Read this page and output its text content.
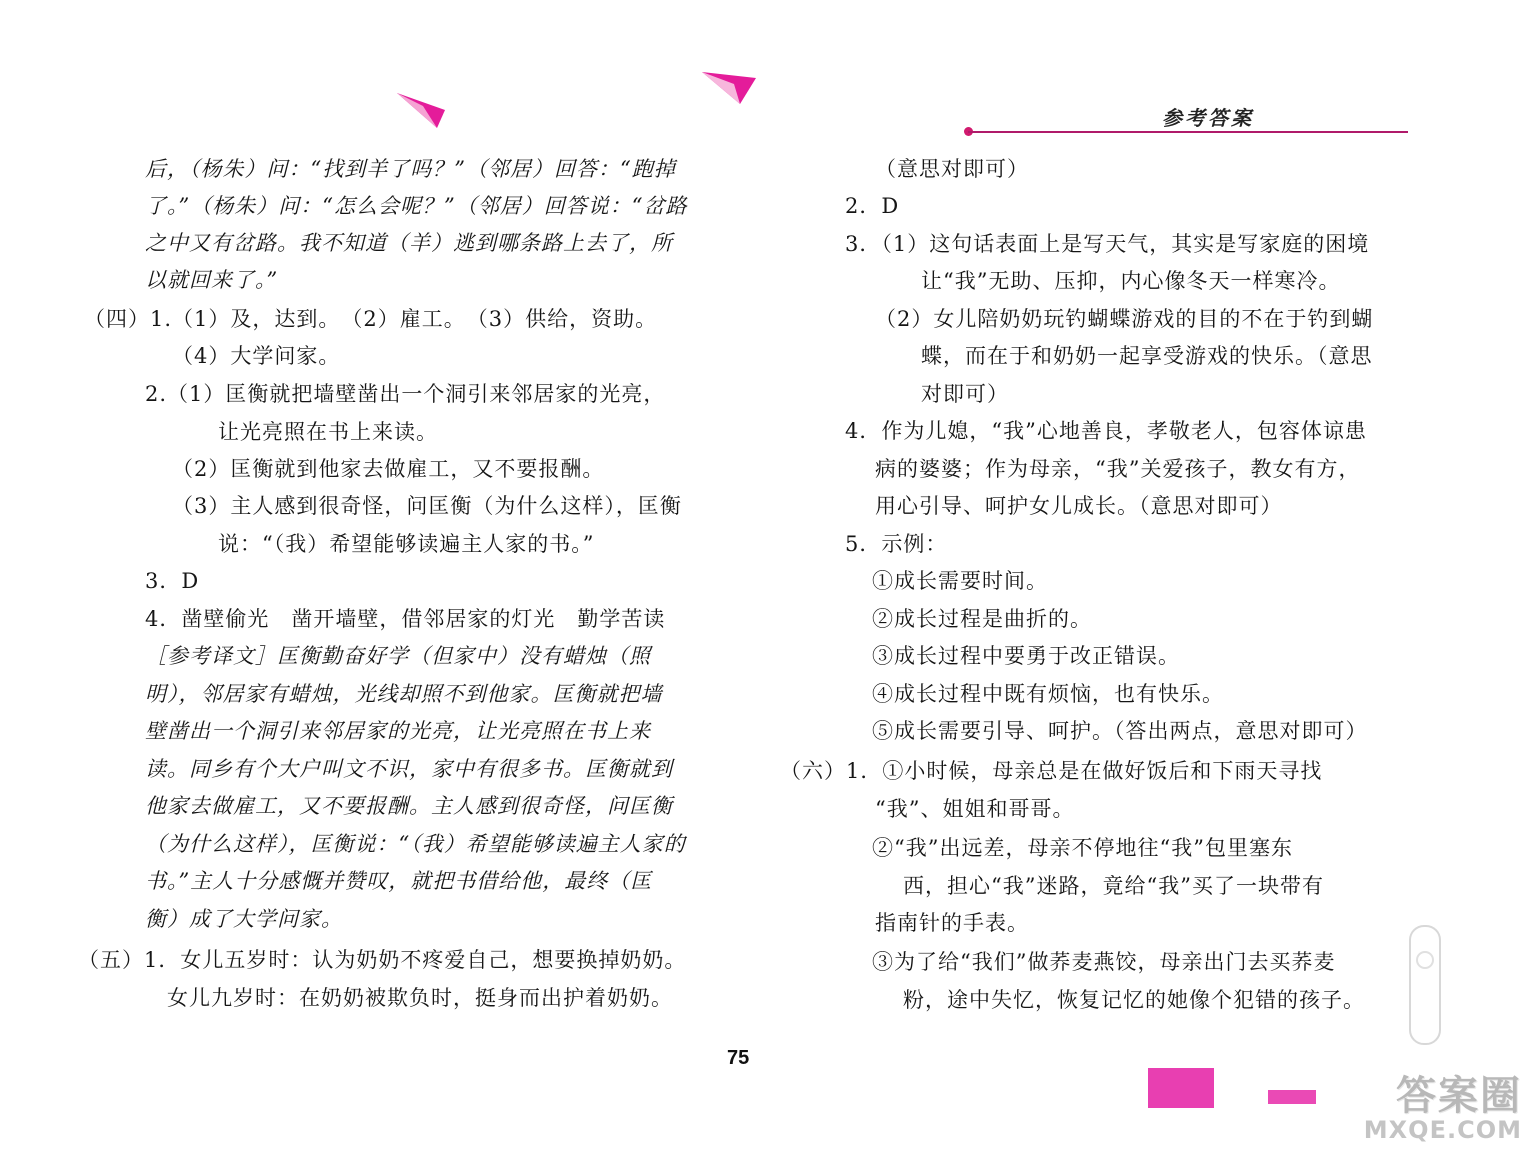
参考答案
后，（杨朱）问：“找到羊了吗？”（邻居）回答：“跑掉
了。”（杨朱）问：“怎么会呢？”（邻居）回答说：“岔路
之中又有岔路。我不知道（羊）逃到哪条路上去了，所
以就回来了。”
（四）1.（1）及，达到。　（2）雇工。　（3）供给，资助。
（4）大学问家。
2.（1）匡衡就把墙壁凿出一个洞引来邻居家的光亮，
让光亮照在书上来读。
（2）匡衡就到他家去做雇工，又不要报酬。
（3）主人感到很奇怪，问匡衡（为什么这样），匡衡
说：“（我）希望能够读遍主人家的书。”
3．D
4．凿壁偷光　凿开墙壁，借邻居家的灯光　勤学苦读
［参考译文］匡衡勤奋好学（但家中）没有蜡烛（照
明），邻居家有蜡烛，光线却照不到他家。匡衡就把墙
壁凿出一个洞引来邻居家的光亮，让光亮照在书上来
读。同乡有个大户叫文不识，家中有很多书。匡衡就到
他家去做雇工，又不要报酬。主人感到很奇怪，问匡衡
（为什么这样），匡衡说：“（我）希望能够读遍主人家的
书。”主人十分感慨并赞叹，就把书借给他，最终（匡
衡）成了大学问家。
（五）1．女儿五岁时：认为奶奶不疼爱自己，想要换掉奶奶。
女儿九岁时：在奶奶被欺负时，挺身而出护着奶奶。
（意思对即可）
2．D
3．（1）这句话表面上是写天气，其实是写家庭的困境
让“我”无助、压抑，内心像冬天一样寒冷。
（2）女儿陪奶奶玩钓蝴蝶游戏的目的不在于钓到蝴
蝶，而在于和奶奶一起享受游戏的快乐。（意思
对即可）
4．作为儿媳，“我”心地善良，孝敬老人，包容体谅患
病的婆婆；作为母亲，“我”关爱孩子，教女有方，
用心引导、呵护女儿成长。（意思对即可）
5．示例：
①成长需要时间。
②成长过程是曲折的。
③成长过程中要勇于改正错误。
④成长过程中既有烦恼，也有快乐。
⑤成长需要引导、呵护。（答出两点，意思对即可）
（六）1．①小时候，母亲总是在做好饭后和下雨天寻找
“我”、姐姐和哥哥。
②“我”出远差，母亲不停地往“我”包里塞东
西，担心“我”迷路，竟给“我”买了一块带有
指南针的手表。
③为了给“我们”做荞麦燕饺，母亲出门去买荞麦
粉，途中失忆，恢复记忆的她像个犯错的孩子。
75
答案圈
MXQE.COM
